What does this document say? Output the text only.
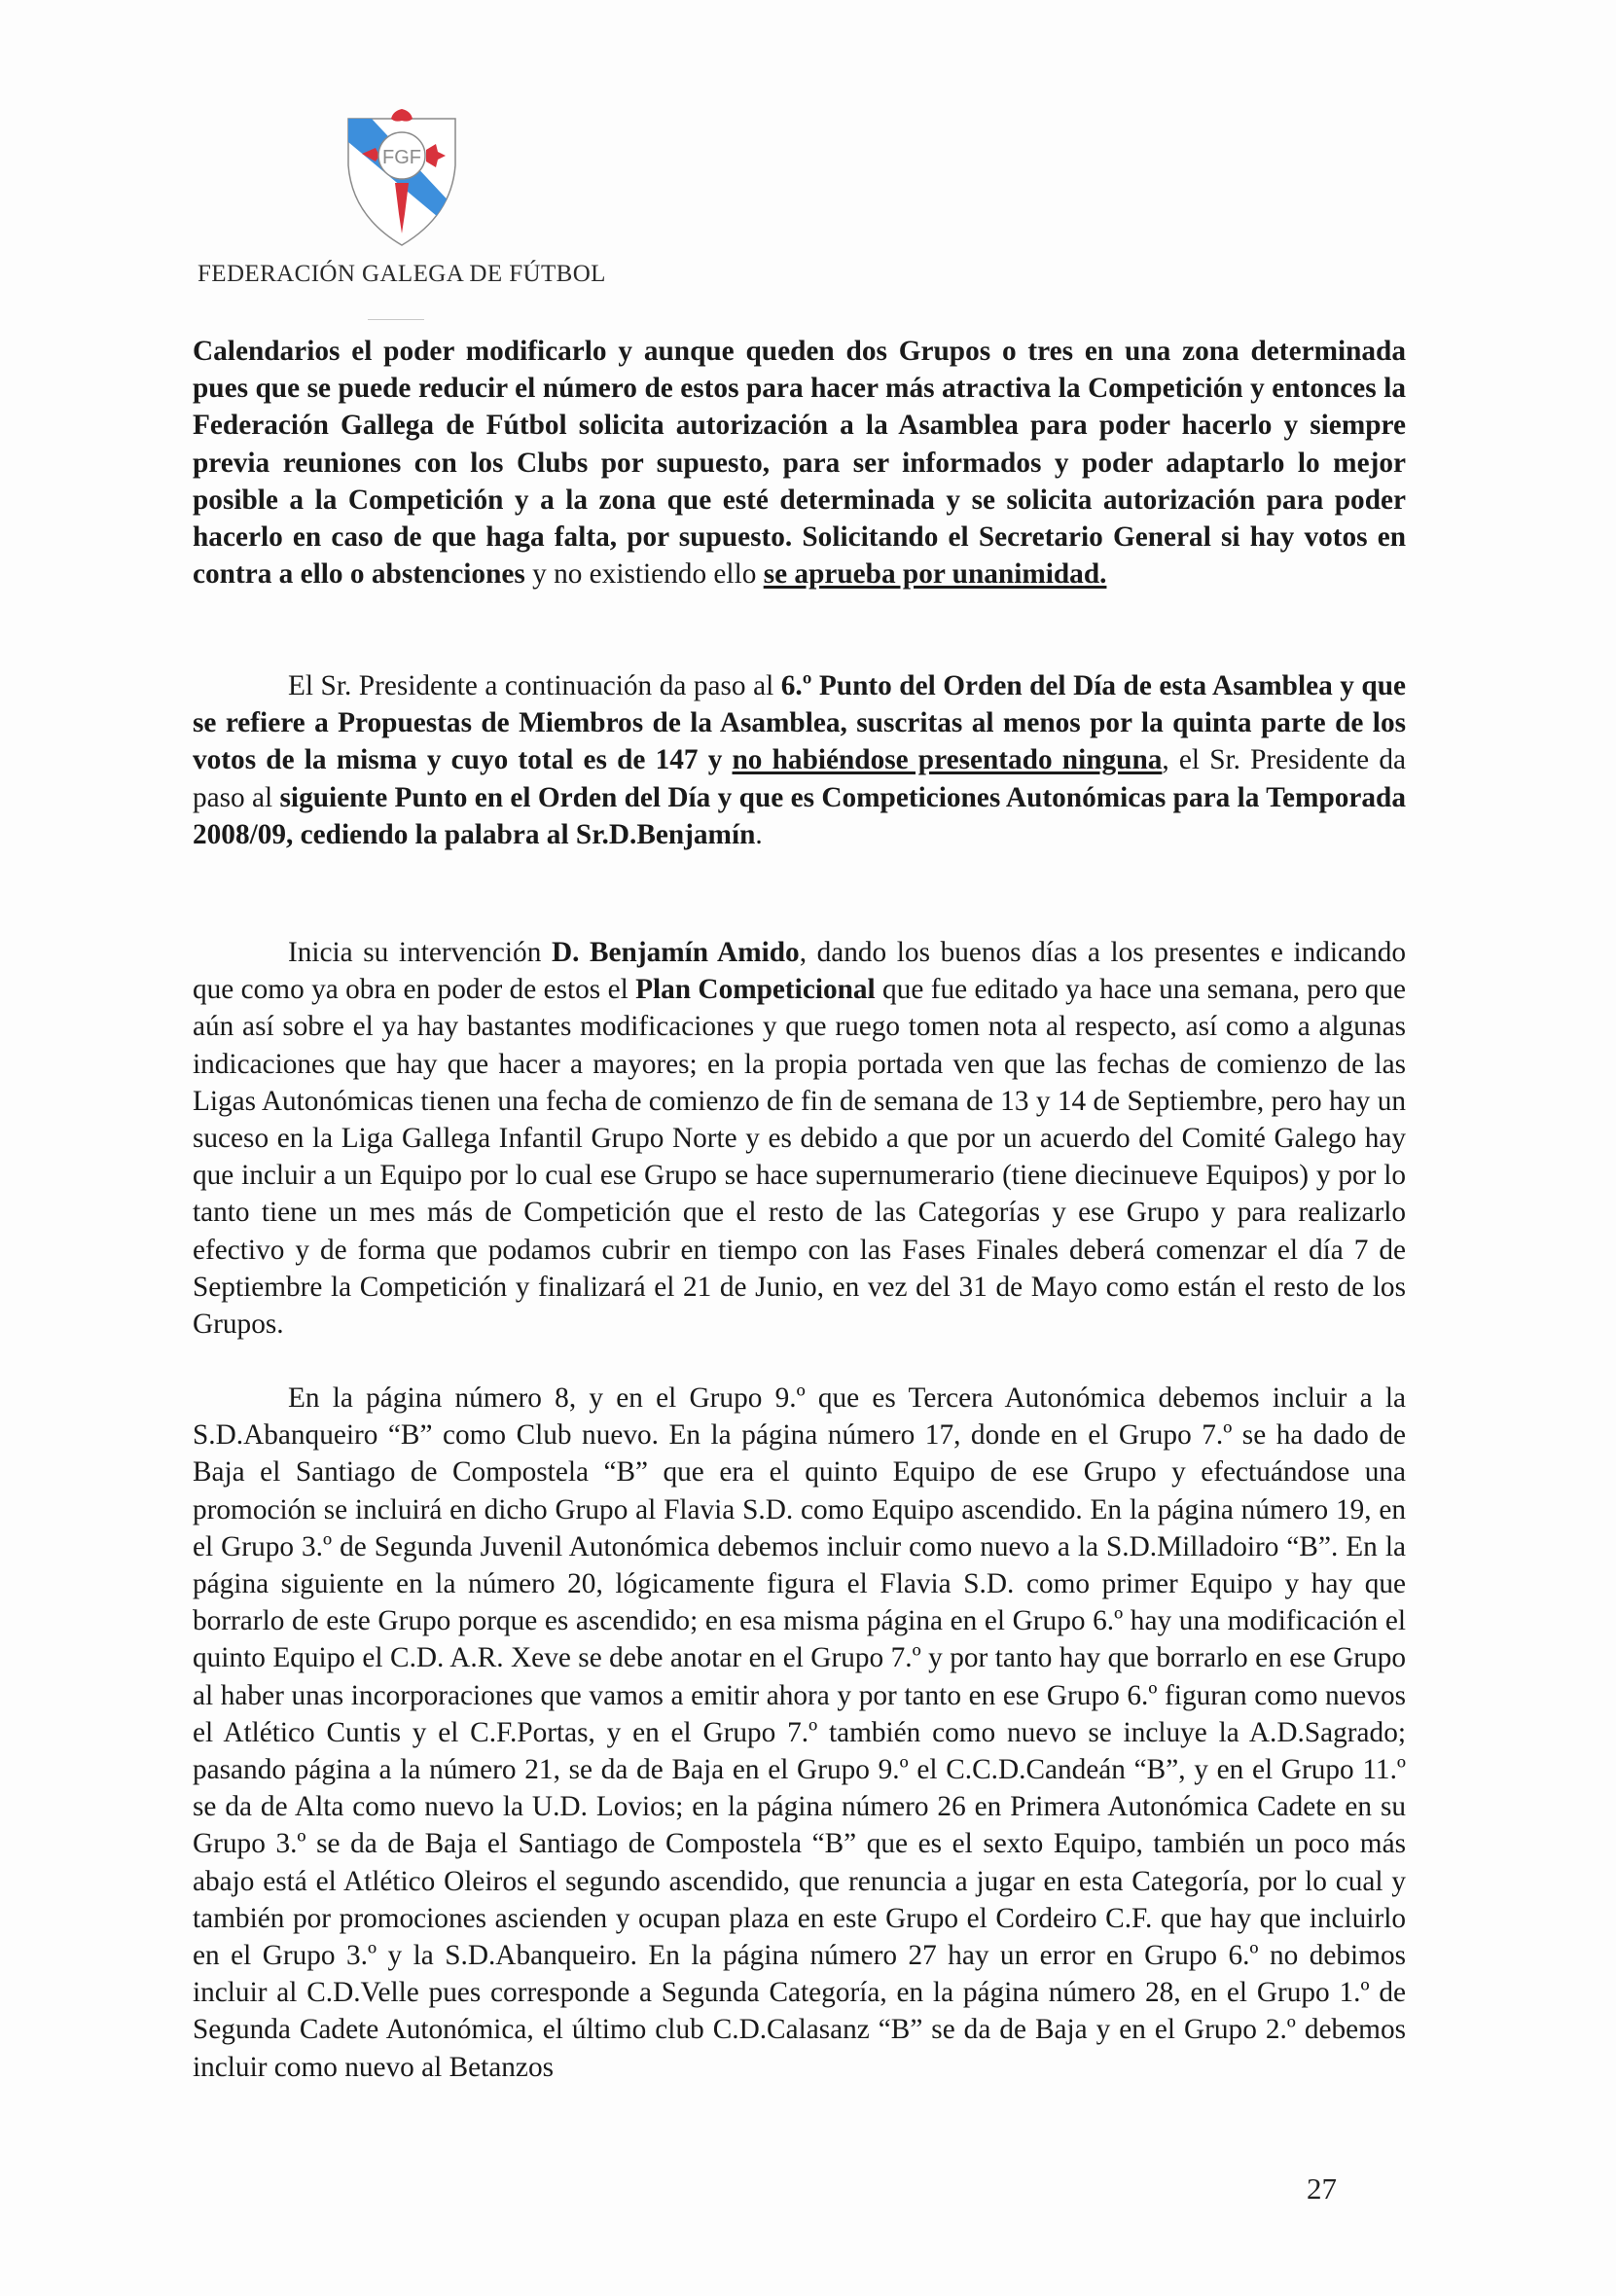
FGF
FEDERACIÓN GALEGA DE FÚTBOL

Calendarios el poder modificarlo y aunque queden dos Grupos o tres en una zona determinada pues que se puede reducir el número de estos para hacer más atractiva la Competición y entonces la Federación Gallega de Fútbol solicita autorización a la Asamblea para poder hacerlo y siempre previa reuniones con los Clubs por supuesto, para ser informados y poder adaptarlo lo mejor posible a la Competición y a la zona que esté determinada y se solicita autorización para poder hacerlo en caso de que haga falta, por supuesto. Solicitando el Secretario General si hay votos en contra a ello o abstenciones y no existiendo ello se aprueba por unanimidad.

El Sr. Presidente a continuación da paso al 6.º Punto del Orden del Día de esta Asamblea y que se refiere a Propuestas de Miembros de la Asamblea, suscritas al menos por la quinta parte de los votos de la misma y cuyo total es de 147 y no habiéndose presentado ninguna, el Sr. Presidente da paso al siguiente Punto en el Orden del Día y que es Competiciones Autonómicas para la Temporada 2008/09, cediendo la palabra al Sr.D.Benjamín.

Inicia su intervención D. Benjamín Amido, dando los buenos días a los presentes e indicando que como ya obra en poder de estos el Plan Competicional que fue editado ya hace una semana, pero que aún así sobre el ya hay bastantes modificaciones y que ruego tomen nota al respecto, así como a algunas indicaciones que hay que hacer a mayores; en la propia portada ven que las fechas de comienzo de las Ligas Autonómicas tienen una fecha de comienzo de fin de semana de 13 y 14 de Septiembre, pero hay un suceso en la Liga Gallega Infantil Grupo Norte y es debido a que por un acuerdo del Comité Galego hay que incluir a un Equipo por lo cual ese Grupo se hace supernumerario (tiene diecinueve Equipos) y por lo tanto tiene un mes más de Competición que el resto de las Categorías y ese Grupo y para realizarlo efectivo y de forma que podamos cubrir en tiempo con las Fases Finales deberá comenzar el día 7 de Septiembre la Competición y finalizará el 21 de Junio, en vez del 31 de Mayo como están el resto de los Grupos.

En la página número 8, y en el Grupo 9.º que es Tercera Autonómica debemos incluir a la S.D.Abanqueiro “B” como Club nuevo. En la página número 17, donde en el Grupo 7.º se ha dado de Baja el Santiago de Compostela “B” que era el quinto Equipo de ese Grupo y efectuándose una promoción se incluirá en dicho Grupo al Flavia S.D. como Equipo ascendido. En la página número 19, en el Grupo 3.º de Segunda Juvenil Autonómica debemos incluir como nuevo a la S.D.Milladoiro “B”. En la página siguiente en la número 20, lógicamente figura el Flavia S.D. como primer Equipo y hay que borrarlo de este Grupo porque es ascendido; en esa misma página en el Grupo 6.º hay una modificación el quinto Equipo el C.D. A.R. Xeve se debe anotar en el Grupo 7.º y por tanto hay que borrarlo en ese Grupo al haber unas incorporaciones que vamos a emitir ahora y por tanto en ese Grupo 6.º figuran como nuevos el Atlético Cuntis y el C.F.Portas, y en el Grupo 7.º también como nuevo se incluye la A.D.Sagrado; pasando página a la número 21, se da de Baja en el Grupo 9.º el C.C.D.Candeán “B”, y en el Grupo 11.º se da de Alta como nuevo la U.D. Lovios; en la página número 26 en Primera Autonómica Cadete en su Grupo 3.º se da de Baja el Santiago de Compostela “B” que es el sexto Equipo, también un poco más abajo está el Atlético Oleiros el segundo ascendido, que renuncia a jugar en esta Categoría, por lo cual y también por promociones ascienden y ocupan plaza en este Grupo el Cordeiro C.F. que hay que incluirlo en el Grupo 3.º y la S.D.Abanqueiro. En la página número 27 hay un error en Grupo 6.º no debimos incluir al C.D.Velle pues corresponde a Segunda Categoría, en la página número 28, en el Grupo 1.º de Segunda Cadete Autonómica, el último club C.D.Calasanz “B” se da de Baja y en el Grupo 2.º debemos incluir como nuevo al Betanzos

27
